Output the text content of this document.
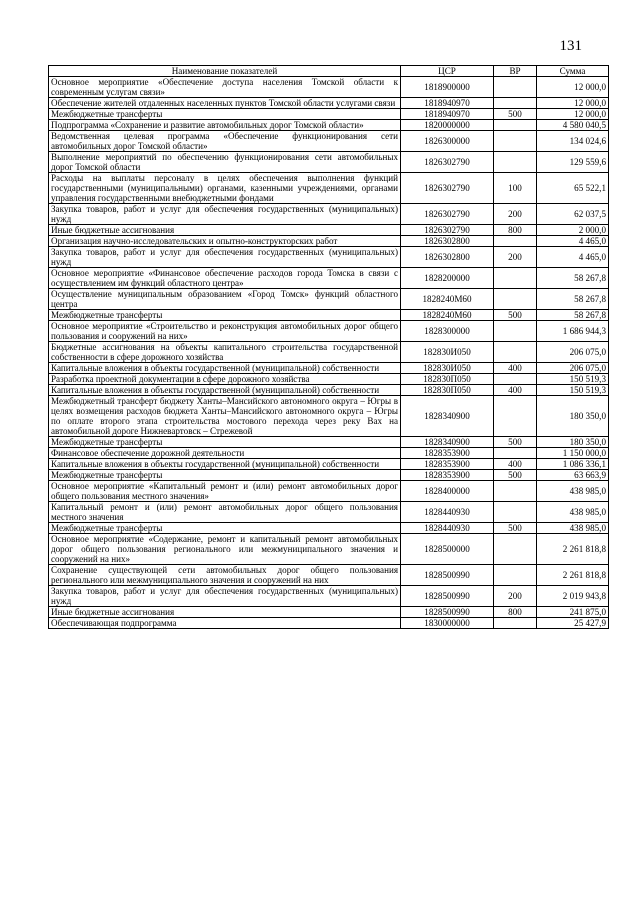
131
Наименование показателей	ЦСР	ВР	Сумма
Основное мероприятие «Обеспечение доступа населения Томской области к современным услугам связи»	1818900000		12 000,0
Обеспечение жителей отдаленных населенных пунктов Томской области услугами связи	1818940970		12 000,0
Межбюджетные трансферты	1818940970	500	12 000,0
Подпрограмма «Сохранение и развитие автомобильных дорог Томской области»	1820000000		4 580 040,5
Ведомственная целевая программа «Обеспечение функционирования сети автомобильных дорог Томской области»	1826300000		134 024,6
Выполнение мероприятий по обеспечению функционирования сети автомобильных дорог Томской области	1826302790		129 559,6
Расходы на выплаты персоналу в целях обеспечения выполнения функций государственными (муниципальными) органами, казенными учреждениями, органами управления государственными внебюджетными фондами	1826302790	100	65 522,1
Закупка товаров, работ и услуг для обеспечения государственных (муниципальных) нужд	1826302790	200	62 037,5
Иные бюджетные ассигнования	1826302790	800	2 000,0
Организация научно-исследовательских и опытно-конструкторских работ	1826302800		4 465,0
Закупка товаров, работ и услуг для обеспечения государственных (муниципальных) нужд	1826302800	200	4 465,0
Основное мероприятие «Финансовое обеспечение расходов города Томска в связи с осуществлением им функций областного центра»	1828200000		58 267,8
Осуществление муниципальным образованием «Город Томск» функций областного центра	1828240М60		58 267,8
Межбюджетные трансферты	1828240М60	500	58 267,8
Основное мероприятие «Строительство и реконструкция автомобильных дорог общего пользования и сооружений на них»	1828300000		1 686 944,3
Бюджетные ассигнования на объекты капитального строительства государственной собственности в сфере дорожного хозяйства	182830И050		206 075,0
Капитальные вложения в объекты государственной (муниципальной) собственности	182830И050	400	206 075,0
Разработка проектной документации в сфере дорожного хозяйства	182830П050		150 519,3
Капитальные вложения в объекты государственной (муниципальной) собственности	182830П050	400	150 519,3
Межбюджетный трансферт бюджету Ханты–Мансийского автономного округа – Югры в целях возмещения расходов бюджета Ханты–Мансийского автономного округа – Югры по оплате второго этапа строительства мостового перехода через реку Вах на автомобильной дороге Нижневартовск – Стрежевой	1828340900		180 350,0
Межбюджетные трансферты	1828340900	500	180 350,0
Финансовое обеспечение дорожной деятельности	1828353900		1 150 000,0
Капитальные вложения в объекты государственной (муниципальной) собственности	1828353900	400	1 086 336,1
Межбюджетные трансферты	1828353900	500	63 663,9
Основное мероприятие «Капитальный ремонт и (или) ремонт автомобильных дорог общего пользования местного значения»	1828400000		438 985,0
Капитальный ремонт и (или) ремонт автомобильных дорог общего пользования местного значения	1828440930		438 985,0
Межбюджетные трансферты	1828440930	500	438 985,0
Основное мероприятие «Содержание, ремонт и капитальный ремонт автомобильных дорог общего пользования регионального или межмуниципального значения и сооружений на них»	1828500000		2 261 818,8
Сохранение существующей сети автомобильных дорог общего пользования регионального или межмуниципального значения и сооружений на них	1828500990		2 261 818,8
Закупка товаров, работ и услуг для обеспечения государственных (муниципальных) нужд	1828500990	200	2 019 943,8
Иные бюджетные ассигнования	1828500990	800	241 875,0
Обеспечивающая подпрограмма	1830000000		25 427,9
